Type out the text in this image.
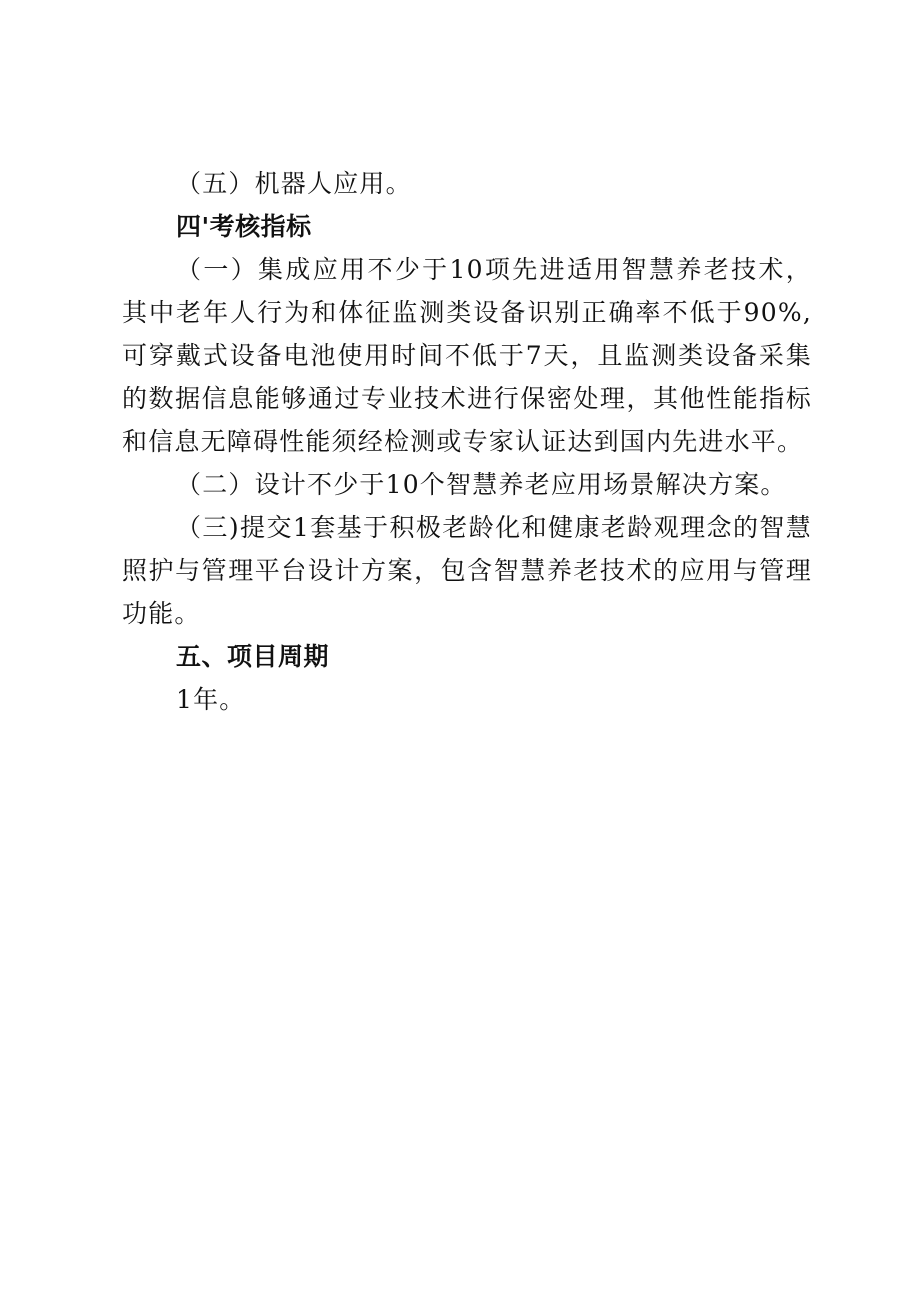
（五）机器人应用。

四'考核指标

（一）集成应用不少于10项先进适用智慧养老技术，其中老年人行为和体征监测类设备识别正确率不低于90%,可穿戴式设备电池使用时间不低于7天，且监测类设备采集的数据信息能够通过专业技术进行保密处理，其他性能指标和信息无障碍性能须经检测或专家认证达到国内先进水平。

（二）设计不少于10个智慧养老应用场景解决方案。

（三)提交1套基于积极老龄化和健康老龄观理念的智慧照护与管理平台设计方案，包含智慧养老技术的应用与管理功能。

五、项目周期

1年。
